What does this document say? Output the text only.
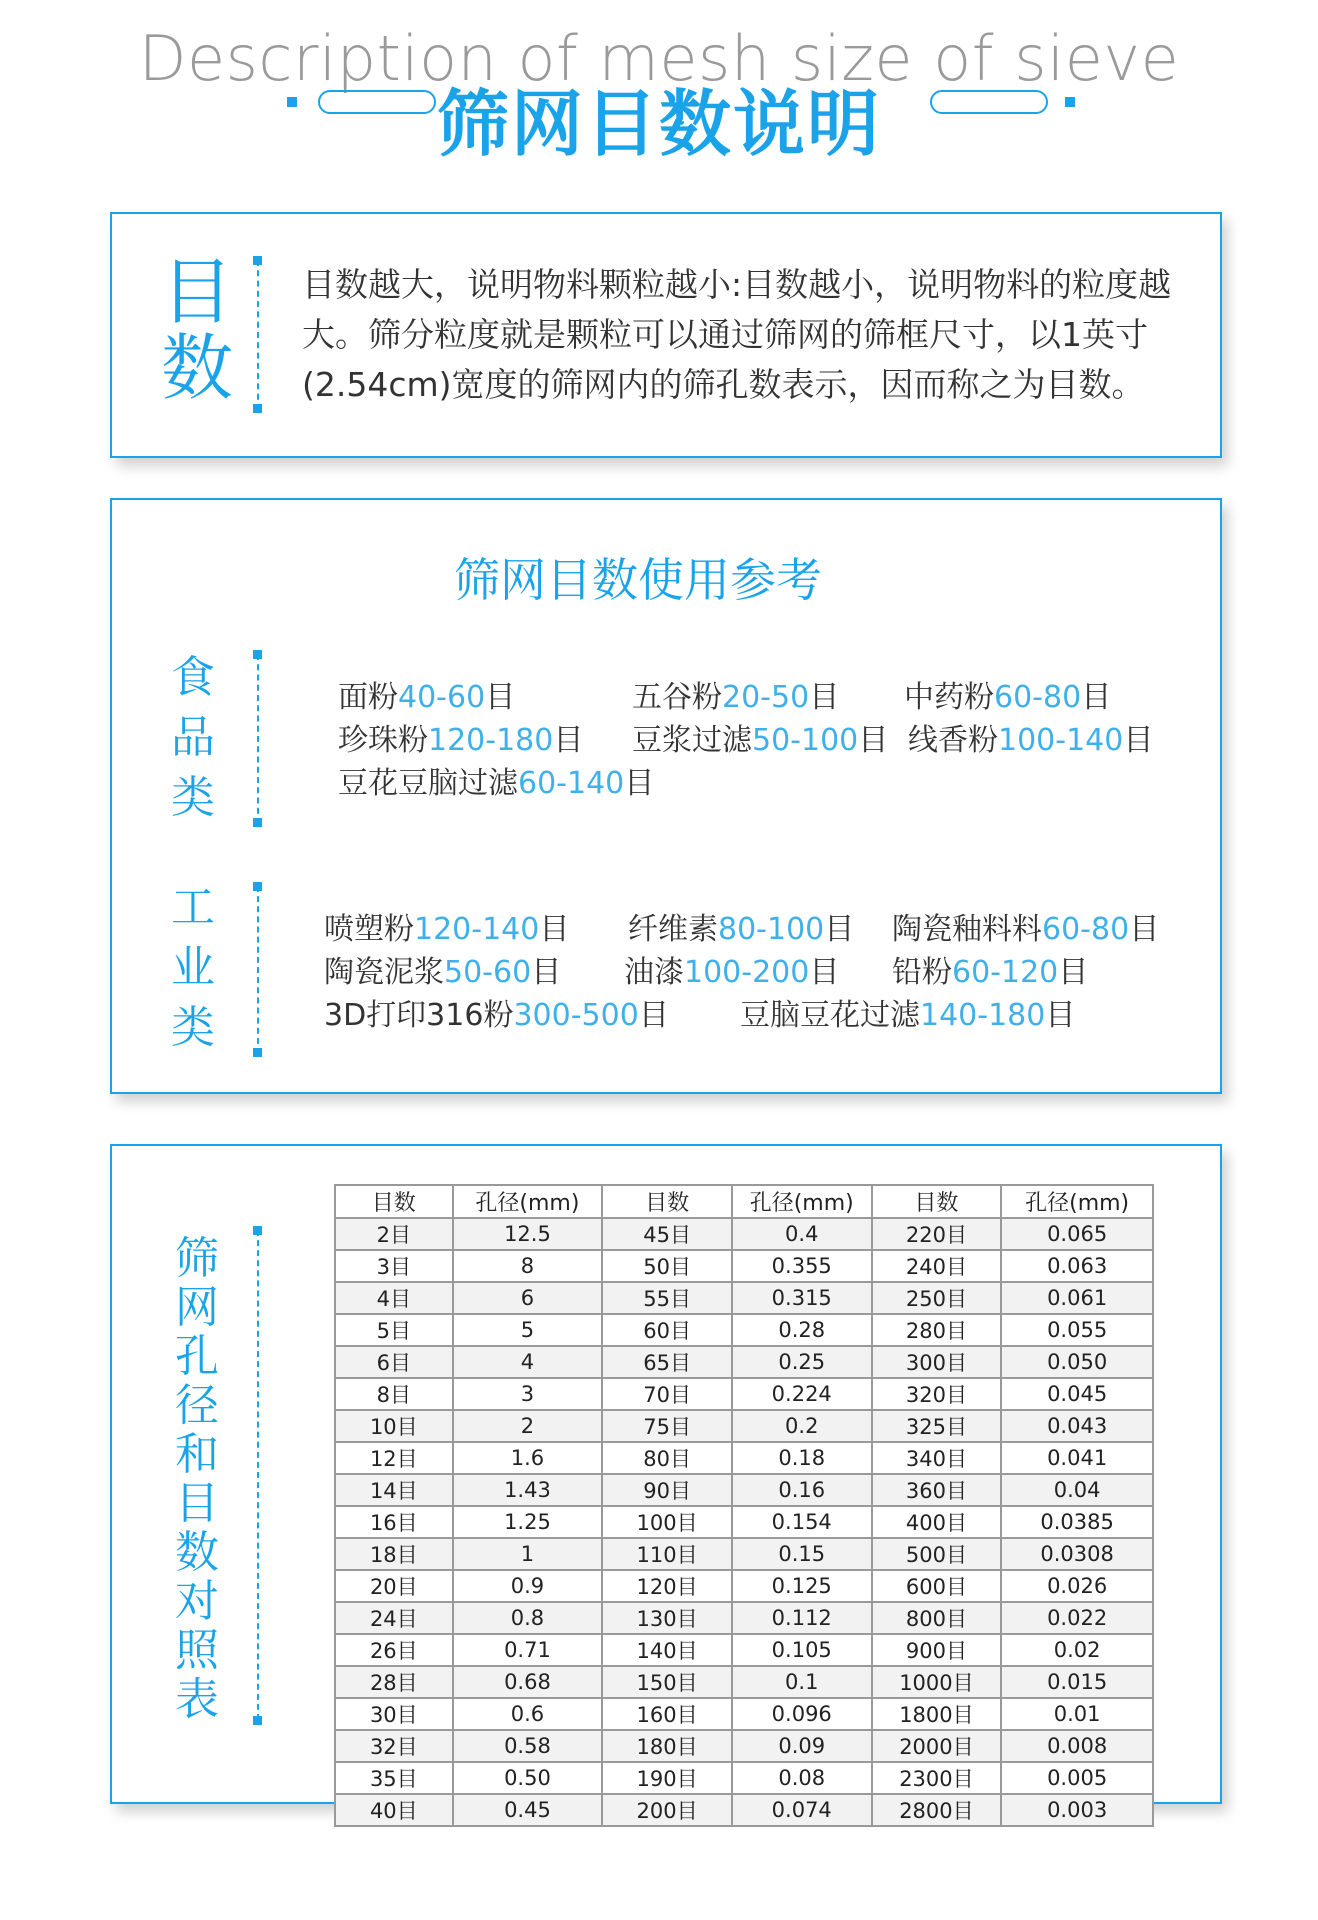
Description of mesh size of sieve
筛网目数说明
目
数
目数越大，说明物料颗粒越小:目数越小，说明物料的粒度越大。筛分粒度就是颗粒可以通过筛网的筛框尺寸，以1英寸(2.54cm)宽度的筛网内的筛孔数表示，因而称之为目数。
筛网目数使用参考
食
品
类
面粉40-60目	五谷粉20-50目 中药粉60-80目
珍珠粉120-180目 豆浆过滤50-100目 线香粉100-140目
豆花豆脑过滤60-140目
工
业
类
喷塑粉120-140目 纤维素80-100目 陶瓷釉料料60-80目
陶瓷泥浆50-60目 油漆100-200目 铅粉60-120目
3D打印316粉300-500目 豆脑豆花过滤140-180目
筛
网
孔
径
和
目
数
对
照
表
目数	孔径(mm)	目数	孔径(mm)	目数	孔径(mm)
2目	12.5	45目	0.4	220目	0.065
3目	8	50目	0.355	240目	0.063
4目	6	55目	0.315	250目	0.061
5目	5	60目	0.28	280目	0.055
6目	4	65目	0.25	300目	0.050
8目	3	70目	0.224	320目	0.045
10目	2	75目	0.2	325目	0.043
12目	1.6	80目	0.18	340目	0.041
14目	1.43	90目	0.16	360目	0.04
16目	1.25	100目	0.154	400目	0.0385
18目	1	110目	0.15	500目	0.0308
20目	0.9	120目	0.125	600目	0.026
24目	0.8	130目	0.112	800目	0.022
26目	0.71	140目	0.105	900目	0.02
28目	0.68	150目	0.1	1000目	0.015
30目	0.6	160目	0.096	1800目	0.01
32目	0.58	180目	0.09	2000目	0.008
35目	0.50	190目	0.08	2300目	0.005
40目	0.45	200目	0.074	2800目	0.003
